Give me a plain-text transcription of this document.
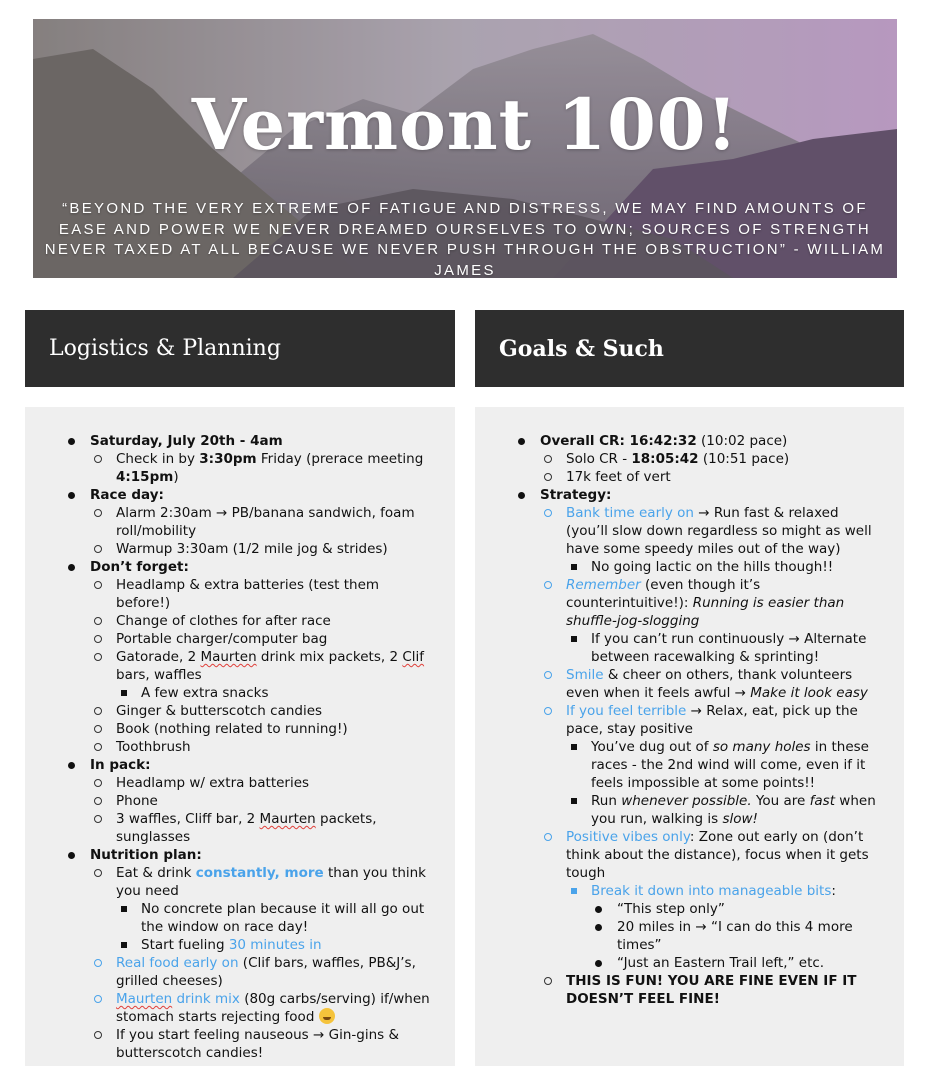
Vermont 100!
“BEYOND THE VERY EXTREME OF FATIGUE AND DISTRESS, WE MAY FIND AMOUNTS OF EASE AND POWER WE NEVER DREAMED OURSELVES TO OWN; SOURCES OF STRENGTH NEVER TAXED AT ALL BECAUSE WE NEVER PUSH THROUGH THE OBSTRUCTION” - WILLIAM JAMES
Logistics & Planning	Goals & Such
Saturday, July 20th - 4am
Check in by 3:30pm Friday (prerace meeting 4:15pm)
Race day:
Alarm 2:30am → PB/banana sandwich, foam roll/mobility
Warmup 3:30am (1/2 mile jog & strides)
Don’t forget:
Headlamp & extra batteries (test them before!)
Change of clothes for after race
Portable charger/computer bag
Gatorade, 2 Maurten drink mix packets, 2 Clif bars, waffles
A few extra snacks
Ginger & butterscotch candies
Book (nothing related to running!)
Toothbrush
In pack:
Headlamp w/ extra batteries
Phone
3 waffles, Cliff bar, 2 Maurten packets, sunglasses
Nutrition plan:
Eat & drink constantly, more than you think you need
No concrete plan because it will all go out the window on race day!
Start fueling 30 minutes in
Real food early on (Clif bars, waffles, PB&J’s, grilled cheeses)
Maurten drink mix (80g carbs/serving) if/when stomach starts rejecting food
If you start feeling nauseous → Gin-gins & butterscotch candies!
Overall CR: 16:42:32 (10:02 pace)
Solo CR - 18:05:42 (10:51 pace)
17k feet of vert
Strategy:
Bank time early on → Run fast & relaxed (you’ll slow down regardless so might as well have some speedy miles out of the way)
No going lactic on the hills though!!
Remember (even though it’s counterintuitive!): Running is easier than shuffle-jog-slogging
If you can’t run continuously → Alternate between racewalking & sprinting!
Smile & cheer on others, thank volunteers even when it feels awful → Make it look easy
If you feel terrible → Relax, eat, pick up the pace, stay positive
You’ve dug out of so many holes in these races - the 2nd wind will come, even if it feels impossible at some points!!
Run whenever possible. You are fast when you run, walking is slow!
Positive vibes only: Zone out early on (don’t think about the distance), focus when it gets tough
Break it down into manageable bits:
“This step only”
20 miles in → “I can do this 4 more times”
“Just an Eastern Trail left,” etc.
THIS IS FUN! YOU ARE FINE EVEN IF IT DOESN’T FEEL FINE!
